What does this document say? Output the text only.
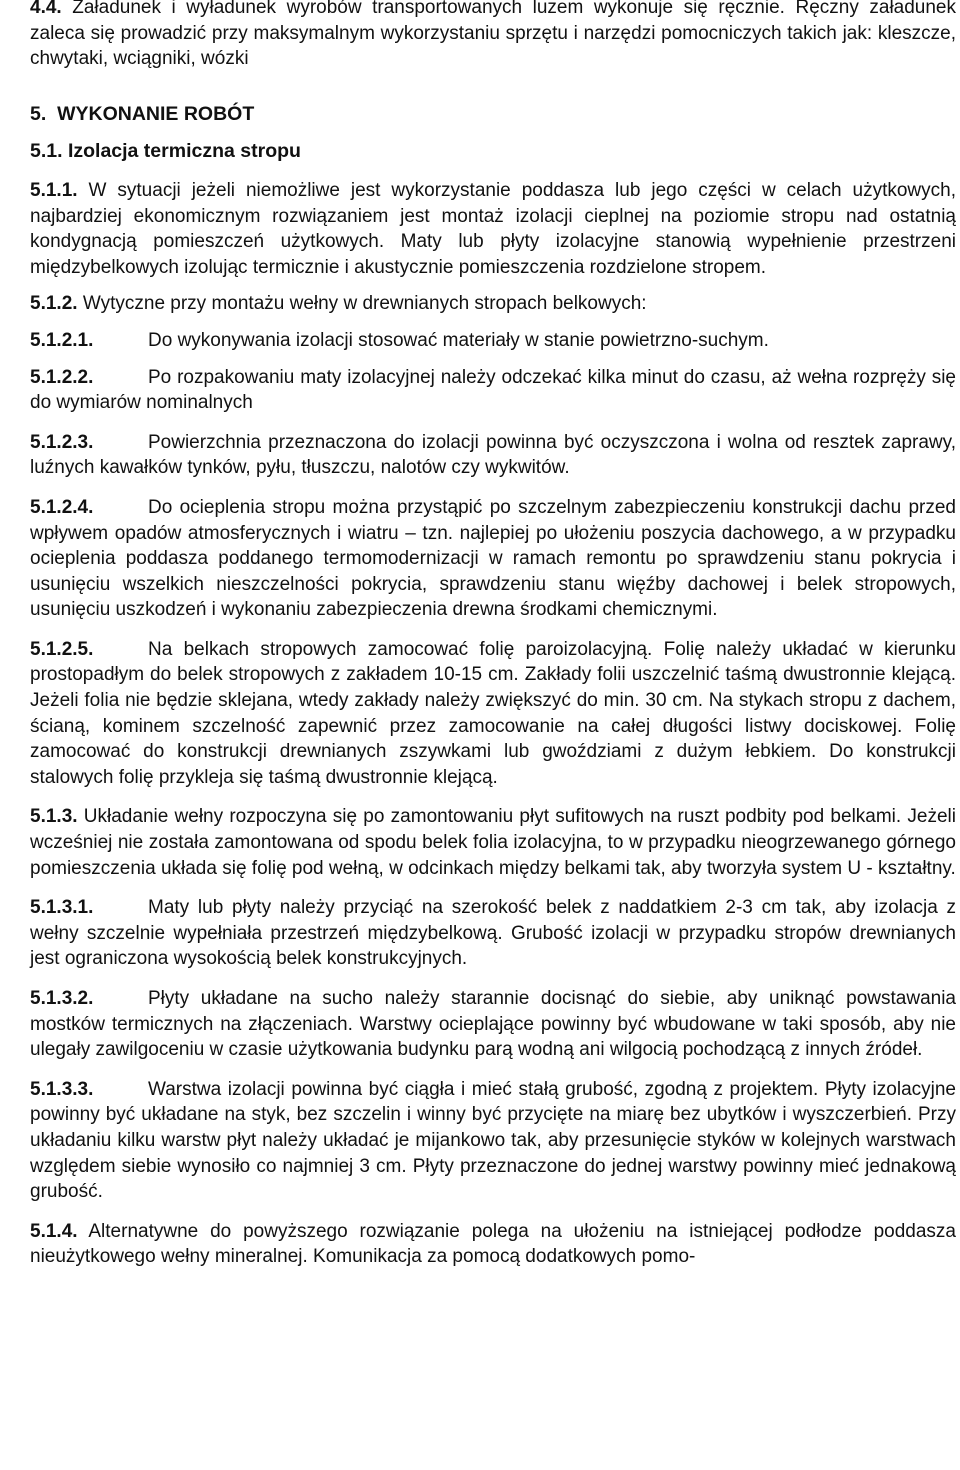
4.4. Załadunek i wyładunek wyrobów transportowanych luzem wykonuje się ręcznie. Ręczny załadunek zaleca się prowadzić przy maksymalnym wykorzystaniu sprzętu i narzędzi pomocniczych takich jak: kleszcze, chwytaki, wciągniki, wózki

5.  WYKONANIE ROBÓT

5.1. Izolacja termiczna stropu

5.1.1. W sytuacji jeżeli niemożliwe jest wykorzystanie poddasza lub jego części w celach użytkowych, najbardziej ekonomicznym rozwiązaniem jest montaż izolacji cieplnej na poziomie stropu nad ostatnią kondygnacją pomieszczeń użytkowych. Maty lub płyty izolacyjne stanowią wypełnienie przestrzeni międzybelkowych izolując termicznie i akustycznie pomieszczenia rozdzielone stropem.

5.1.2. Wytyczne przy montażu wełny w drewnianych stropach belkowych:

5.1.2.1.	Do wykonywania izolacji stosować materiały w stanie powietrzno-suchym.

5.1.2.2.	Po rozpakowaniu maty izolacyjnej należy odczekać kilka minut do czasu, aż wełna rozpręży się do wymiarów nominalnych

5.1.2.3.	Powierzchnia przeznaczona do izolacji powinna być oczyszczona i wolna od resztek zaprawy, luźnych kawałków tynków, pyłu, tłuszczu, nalotów czy wykwitów.

5.1.2.4.	Do ocieplenia stropu można przystąpić po szczelnym zabezpieczeniu konstrukcji dachu przed wpływem opadów atmosferycznych i wiatru – tzn. najlepiej po ułożeniu poszycia dachowego, a w przypadku ocieplenia poddasza poddanego termomodernizacji w ramach remontu po sprawdzeniu stanu pokrycia i usunięciu wszelkich nieszczelności pokrycia, sprawdzeniu stanu więźby dachowej i belek stropowych, usunięciu uszkodzeń i wykonaniu zabezpieczenia drewna środkami chemicznymi.

5.1.2.5.	Na belkach stropowych zamocować folię paroizolacyjną. Folię należy układać w kierunku prostopadłym do belek stropowych z zakładem 10-15 cm. Zakłady folii uszczelnić taśmą dwustronnie klejącą. Jeżeli folia nie będzie sklejana, wtedy zakłady należy zwiększyć do min. 30 cm. Na stykach stropu z dachem, ścianą, kominem szczelność zapewnić przez zamocowanie na całej długości listwy dociskowej. Folię zamocować do konstrukcji drewnianych zszywkami lub gwoździami z dużym łebkiem. Do konstrukcji stalowych folię przykleja się taśmą dwustronnie klejącą.

5.1.3. Układanie wełny rozpoczyna się po zamontowaniu płyt sufitowych na ruszt podbity pod belkami. Jeżeli wcześniej nie została zamontowana od spodu belek folia izolacyjna, to w przypadku nieogrzewanego górnego pomieszczenia układa się folię pod wełną, w odcinkach między belkami tak, aby tworzyła system U - kształtny.

5.1.3.1.	Maty lub płyty należy przyciąć na szerokość belek z naddatkiem 2-3 cm tak, aby izolacja z wełny szczelnie wypełniała przestrzeń międzybelkową. Grubość izolacji w przypadku stropów drewnianych jest ograniczona wysokością belek konstrukcyjnych.

5.1.3.2.	Płyty układane na sucho należy starannie docisnąć do siebie, aby uniknąć powstawania mostków termicznych na złączeniach. Warstwy ocieplające powinny być wbudowane w taki sposób, aby nie ulegały zawilgoceniu w czasie użytkowania budynku parą wodną ani wilgocią pochodzącą z innych źródeł.

5.1.3.3.	Warstwa izolacji powinna być ciągła i mieć stałą grubość, zgodną z projektem. Płyty izolacyjne powinny być układane na styk, bez szczelin i winny być przycięte na miarę bez ubytków i wyszczerbień. Przy układaniu kilku warstw płyt należy układać je mijankowo tak, aby przesunięcie styków w kolejnych warstwach względem siebie wynosiło co najmniej 3 cm. Płyty przeznaczone do jednej warstwy powinny mieć jednakową grubość.

5.1.4. Alternatywne do powyższego rozwiązanie polega na ułożeniu na istniejącej podłodze poddasza nieużytkowego wełny mineralnej. Komunikacja za pomocą dodatkowych pomo-
